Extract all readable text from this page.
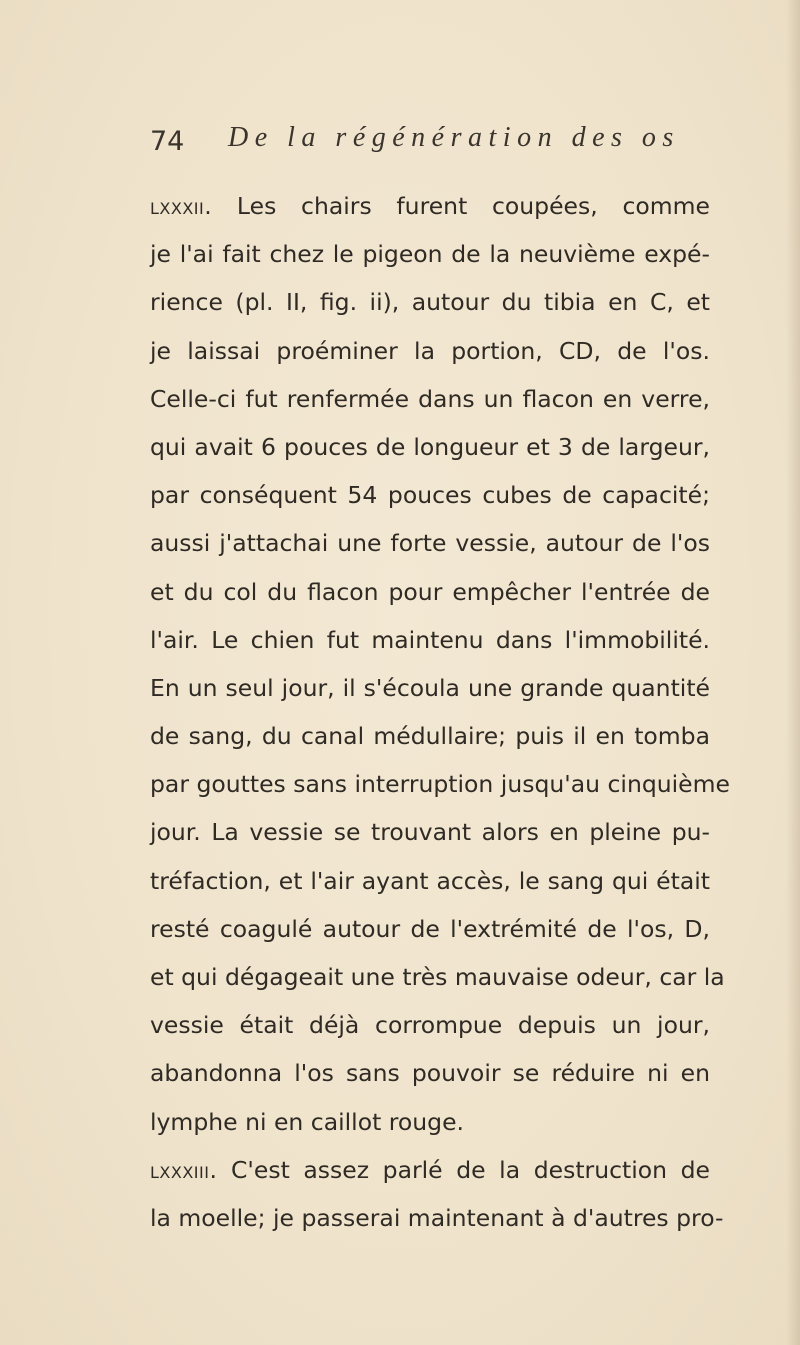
74 De la régénération des os
lxxxii. Les chairs furent coupées, comme
je l'ai fait chez le pigeon de la neuvième expé-
rience (pl. II, fig. ii), autour du tibia en C, et
je laissai proéminer la portion, CD, de l'os.
Celle-ci fut renfermée dans un flacon en verre,
qui avait 6 pouces de longueur et 3 de largeur,
par conséquent 54 pouces cubes de capacité;
aussi j'attachai une forte vessie, autour de l'os
et du col du flacon pour empêcher l'entrée de
l'air. Le chien fut maintenu dans l'immobilité.
En un seul jour, il s'écoula une grande quantité
de sang, du canal médullaire; puis il en tomba
par gouttes sans interruption jusqu'au cinquième
jour. La vessie se trouvant alors en pleine pu-
tréfaction, et l'air ayant accès, le sang qui était
resté coagulé autour de l'extrémité de l'os, D,
et qui dégageait une très mauvaise odeur, car la
vessie était déjà corrompue depuis un jour,
abandonna l'os sans pouvoir se réduire ni en
lymphe ni en caillot rouge.
lxxxiii. C'est assez parlé de la destruction de
la moelle; je passerai maintenant à d'autres pro-
